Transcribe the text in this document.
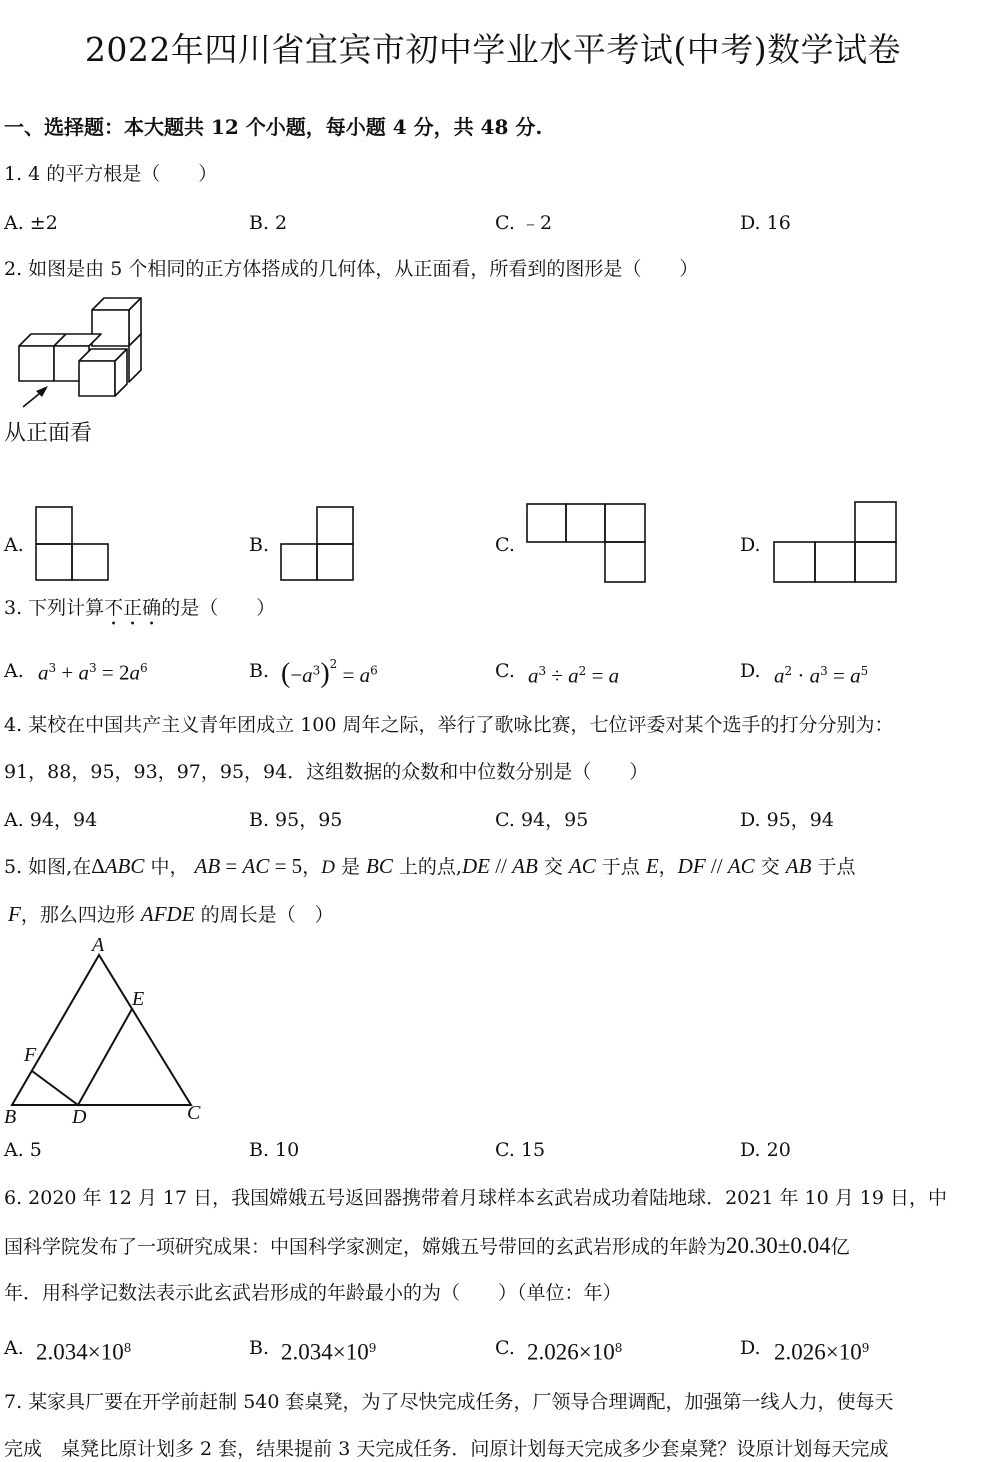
2022年四川省宜宾市初中学业水平考试(中考)数学试卷
一、选择题：本大题共 12 个小题，每小题 4 分，共 48 分.
1. 4 的平方根是（　　）
A. ±2	B. 2	C. ﹣2	D. 16
2. 如图是由 5 个相同的正方体搭成的几何体，从正面看，所看到的图形是（　　）
从正面看
A.	B.	C.	D.
3. 下列计算不正确的是（　　）
A. $a^3 + a^3 = 2a^6$	B. $(-a^3)^2 = a^6$	C. $a^3 \div a^2 = a$	D. $a^2 \cdot a^3 = a^5$
4. 某校在中国共产主义青年团成立 100 周年之际，举行了歌咏比赛，七位评委对某个选手的打分分别为：
91，88，95，93，97，95，94．这组数据的众数和中位数分别是（　　）
A. 94，94	B. 95，95	C. 94，95	D. 95，94
5. 如图,在ΔABC 中， AB = AC = 5，D 是 BC 上的点,DE // AB 交 AC 于点 E，DF // AC 交 AB 于点
F，那么四边形 AFDE 的周长是（　）
A
B	C
D
E
F
A. 5	B. 10	C. 15	D. 20
6. 2020 年 12 月 17 日，我国嫦娥五号返回器携带着月球样本玄武岩成功着陆地球．2021 年 10 月 19 日，中
国科学院发布了一项研究成果：中国科学家测定，嫦娥五号带回的玄武岩形成的年龄为20.30±0.04亿
年．用科学记数法表示此玄武岩形成的年龄最小的为（　　）（单位：年）
A. $2.034\times 10^8$	B. $2.034\times 10^9$	C. $2.026\times 10^8$	D. $2.026\times 10^9$
7. 某家具厂要在开学前赶制 540 套桌凳，为了尽快完成任务，厂领导合理调配，加强第一线人力，使每天
完成　桌凳比原计划多 2 套，结果提前 3 天完成任务．问原计划每天完成多少套桌凳？设原计划每天完成
